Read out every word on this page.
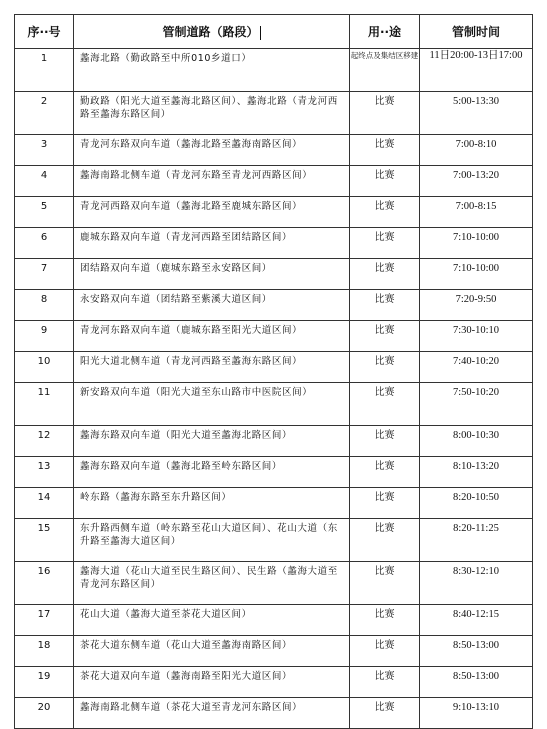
序··号	管制道路（路段）	用··途	管制时间
1	蠡海北路（勤政路至中所010乡道口）	起终点及集结区移建	11日20:00-13日17:00
2	勤政路（阳光大道至蠡海北路区间）、蠡海北路（青龙河西路至蠡海东路区间）	比赛	5:00-13:30
3	青龙河东路双向车道（蠡海北路至蠡海南路区间）	比赛	7:00-8:10
4	蠡海南路北侧车道（青龙河东路至青龙河西路区间）	比赛	7:00-13:20
5	青龙河西路双向车道（蠡海北路至鹿城东路区间）	比赛	7:00-8:15
6	鹿城东路双向车道（青龙河西路至团结路区间）	比赛	7:10-10:00
7	团结路双向车道（鹿城东路至永安路区间）	比赛	7:10-10:00
8	永安路双向车道（团结路至紫溪大道区间）	比赛	7:20-9:50
9	青龙河东路双向车道（鹿城东路至阳光大道区间）	比赛	7:30-10:10
10	阳光大道北侧车道（青龙河西路至蠡海东路区间）	比赛	7:40-10:20
11	新安路双向车道（阳光大道至东山路市中医院区间）	比赛	7:50-10:20
12	蠡海东路双向车道（阳光大道至蠡海北路区间）	比赛	8:00-10:30
13	蠡海东路双向车道（蠡海北路至岭东路区间）	比赛	8:10-13:20
14	岭东路（蠡海东路至东升路区间）	比赛	8:20-10:50
15	东升路西侧车道（岭东路至花山大道区间）、花山大道（东升路至蠡海大道区间）	比赛	8:20-11:25
16	蠡海大道（花山大道至民生路区间）、民生路（蠡海大道至青龙河东路区间）	比赛	8:30-12:10
17	花山大道（蠡海大道至茶花大道区间）	比赛	8:40-12:15
18	茶花大道东侧车道（花山大道至蠡海南路区间）	比赛	8:50-13:00
19	茶花大道双向车道（蠡海南路至阳光大道区间）	比赛	8:50-13:00
20	蠡海南路北侧车道（茶花大道至青龙河东路区间）	比赛	9:10-13:10
